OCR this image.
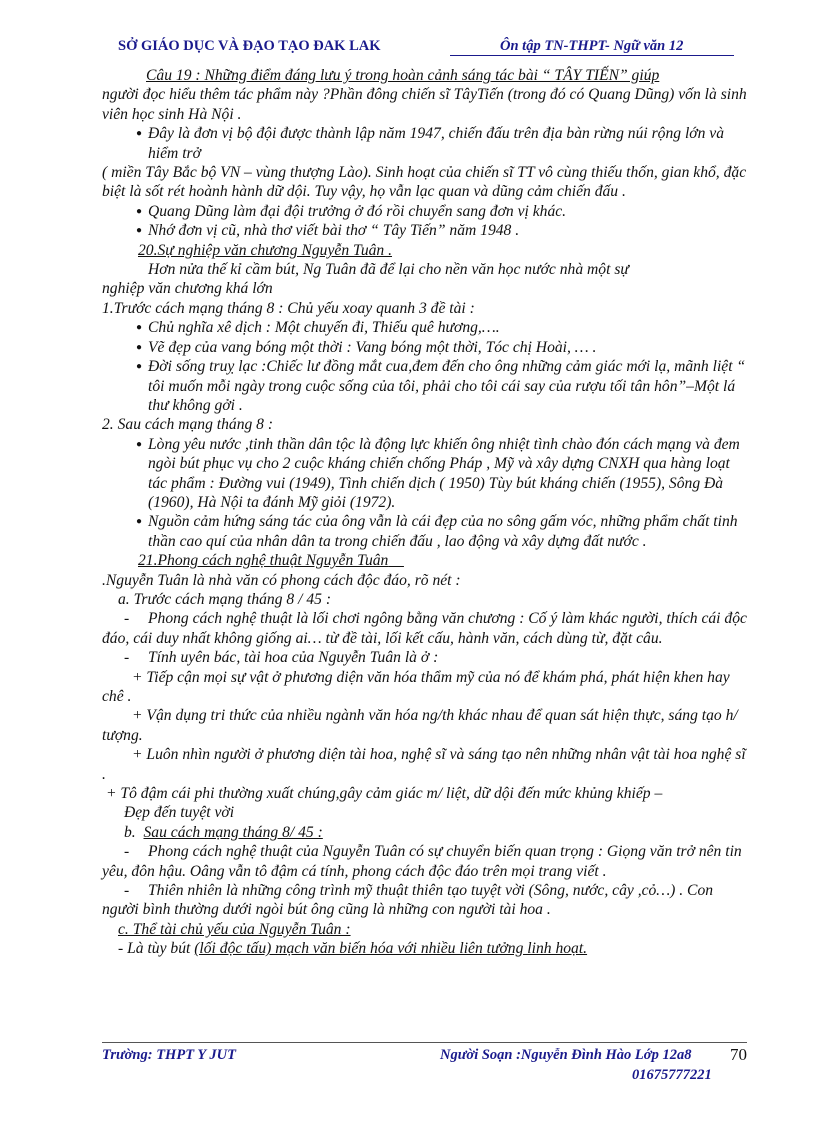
SỞ GIÁO DỤC VÀ ĐẠO TẠO ĐAK LAK	Ôn tập TN-THPT- Ngữ văn 12

Câu 19 : Những điểm đáng lưu ý trong hoàn cảnh sáng tác bài “ TÂY TIẾN” giúp

người đọc hiểu thêm tác phẩm này ?Phần đông chiến sĩ TâyTiến (trong đó có Quang Dũng) vốn là sinh viên học sinh Hà Nội .

● Đây là đơn vị bộ đội được thành lập năm 1947, chiến đấu trên địa bàn rừng núi rộng lớn và hiểm trở

( miền Tây Bắc bộ VN – vùng thượng Lào). Sinh hoạt của chiến sĩ TT vô cùng thiếu thốn, gian khổ, đặc biệt là sốt rét hoành hành dữ dội. Tuy vậy, họ vẫn lạc quan và dũng cảm chiến đấu .

● Quang Dũng làm đại đội trưởng ở đó rồi chuyển sang đơn vị khác.

● Nhớ đơn vị cũ, nhà thơ viết bài thơ “ Tây Tiến” năm 1948 .

20.Sự nghiệp văn chương Nguyễn Tuân .

Hơn nửa thế kỉ cầm bút, Ng Tuân đã để lại cho nền văn học nước nhà một sự

nghiệp văn chương khá lớn

1.Trước cách mạng tháng 8 : Chủ yếu xoay quanh 3 đề tài :

● Chủ nghĩa xê dịch : Một chuyến đi, Thiếu quê hương,….

● Vẽ đẹp của vang bóng một thời : Vang bóng một thời, Tóc chị Hoài, … .

● Đời sống truỵ lạc :Chiếc lư đồng mắt cua,đem đến cho ông những cảm giác mới lạ, mãnh liệt “ tôi muốn mỗi ngày trong cuộc sống của tôi, phải cho tôi cái say của rượu tối tân hôn”–Một lá thư không gởi .

2. Sau cách mạng tháng 8 :

● Lòng yêu nước ,tinh thần dân tộc là động lực khiến ông nhiệt tình chào đón cách mạng và đem ngòi bút phục vụ cho 2 cuộc kháng chiến chống Pháp , Mỹ và xây dựng CNXH qua hàng loạt tác phẩm : Đường vui (1949), Tình chiến dịch ( 1950) Tùy bút kháng chiến (1955), Sông Đà (1960), Hà Nội ta đánh Mỹ giỏi (1972).

● Nguồn cảm hứng sáng tác của ông vẫn là cái đẹp của no sông gấm vóc, những phẩm chất tinh thần cao quí của nhân dân ta trong chiến đấu , lao động và xây dựng đất nước .

21.Phong cách nghệ thuật Nguyễn Tuân

.Nguyễn Tuân là nhà văn có phong cách độc đáo, rõ nét :

a. Trước cách mạng tháng 8 / 45 :

- Phong cách nghệ thuật là lối chơi ngông bằng văn chương : Cố ý làm khác người, thích cái độc đáo, cái duy nhất không giống ai… từ đề tài, lối kết cấu, hành văn, cách dùng từ, đặt câu.

- Tính uyên bác, tài hoa của Nguyễn Tuân là ở :

+ Tiếp cận mọi sự vật ở phương diện văn hóa thẩm mỹ của nó để khám phá, phát hiện khen hay chê .

+ Vận dụng tri thức của nhiều ngành văn hóa ng/th khác nhau để quan sát hiện thực, sáng tạo h/ tượng.

+ Luôn nhìn người ở phương diện tài hoa, nghệ sĩ và sáng tạo nên những nhân vật tài hoa nghệ sĩ .

+ Tô đậm cái phi thường xuất chúng,gây cảm giác m/ liệt, dữ dội đến mức khủng khiếp –

Đẹp đến tuyệt vời

b. Sau cách mạng tháng 8/ 45 :

- Phong cách nghệ thuật của Nguyễn Tuân có sự chuyển biến quan trọng : Giọng văn trở nên tin yêu, đôn hậu. Oâng vẫn tô đậm cá tính, phong cách độc đáo trên mọi trang viết .

- Thiên nhiên là những công trình mỹ thuật thiên tạo tuyệt vời (Sông, nước, cây ,cỏ…) . Con người bình thường dưới ngòi bút ông cũng là những con người tài hoa .

c. Thể tài chủ yếu của Nguyễn Tuân :

- Là tùy bút (lối độc tấu) mạch văn biến hóa với nhiều liên tưởng linh hoạt.

Trường: THPT Y JUT	Người Soạn :Nguyễn Đình Hào Lớp 12a8
01675777221
70
